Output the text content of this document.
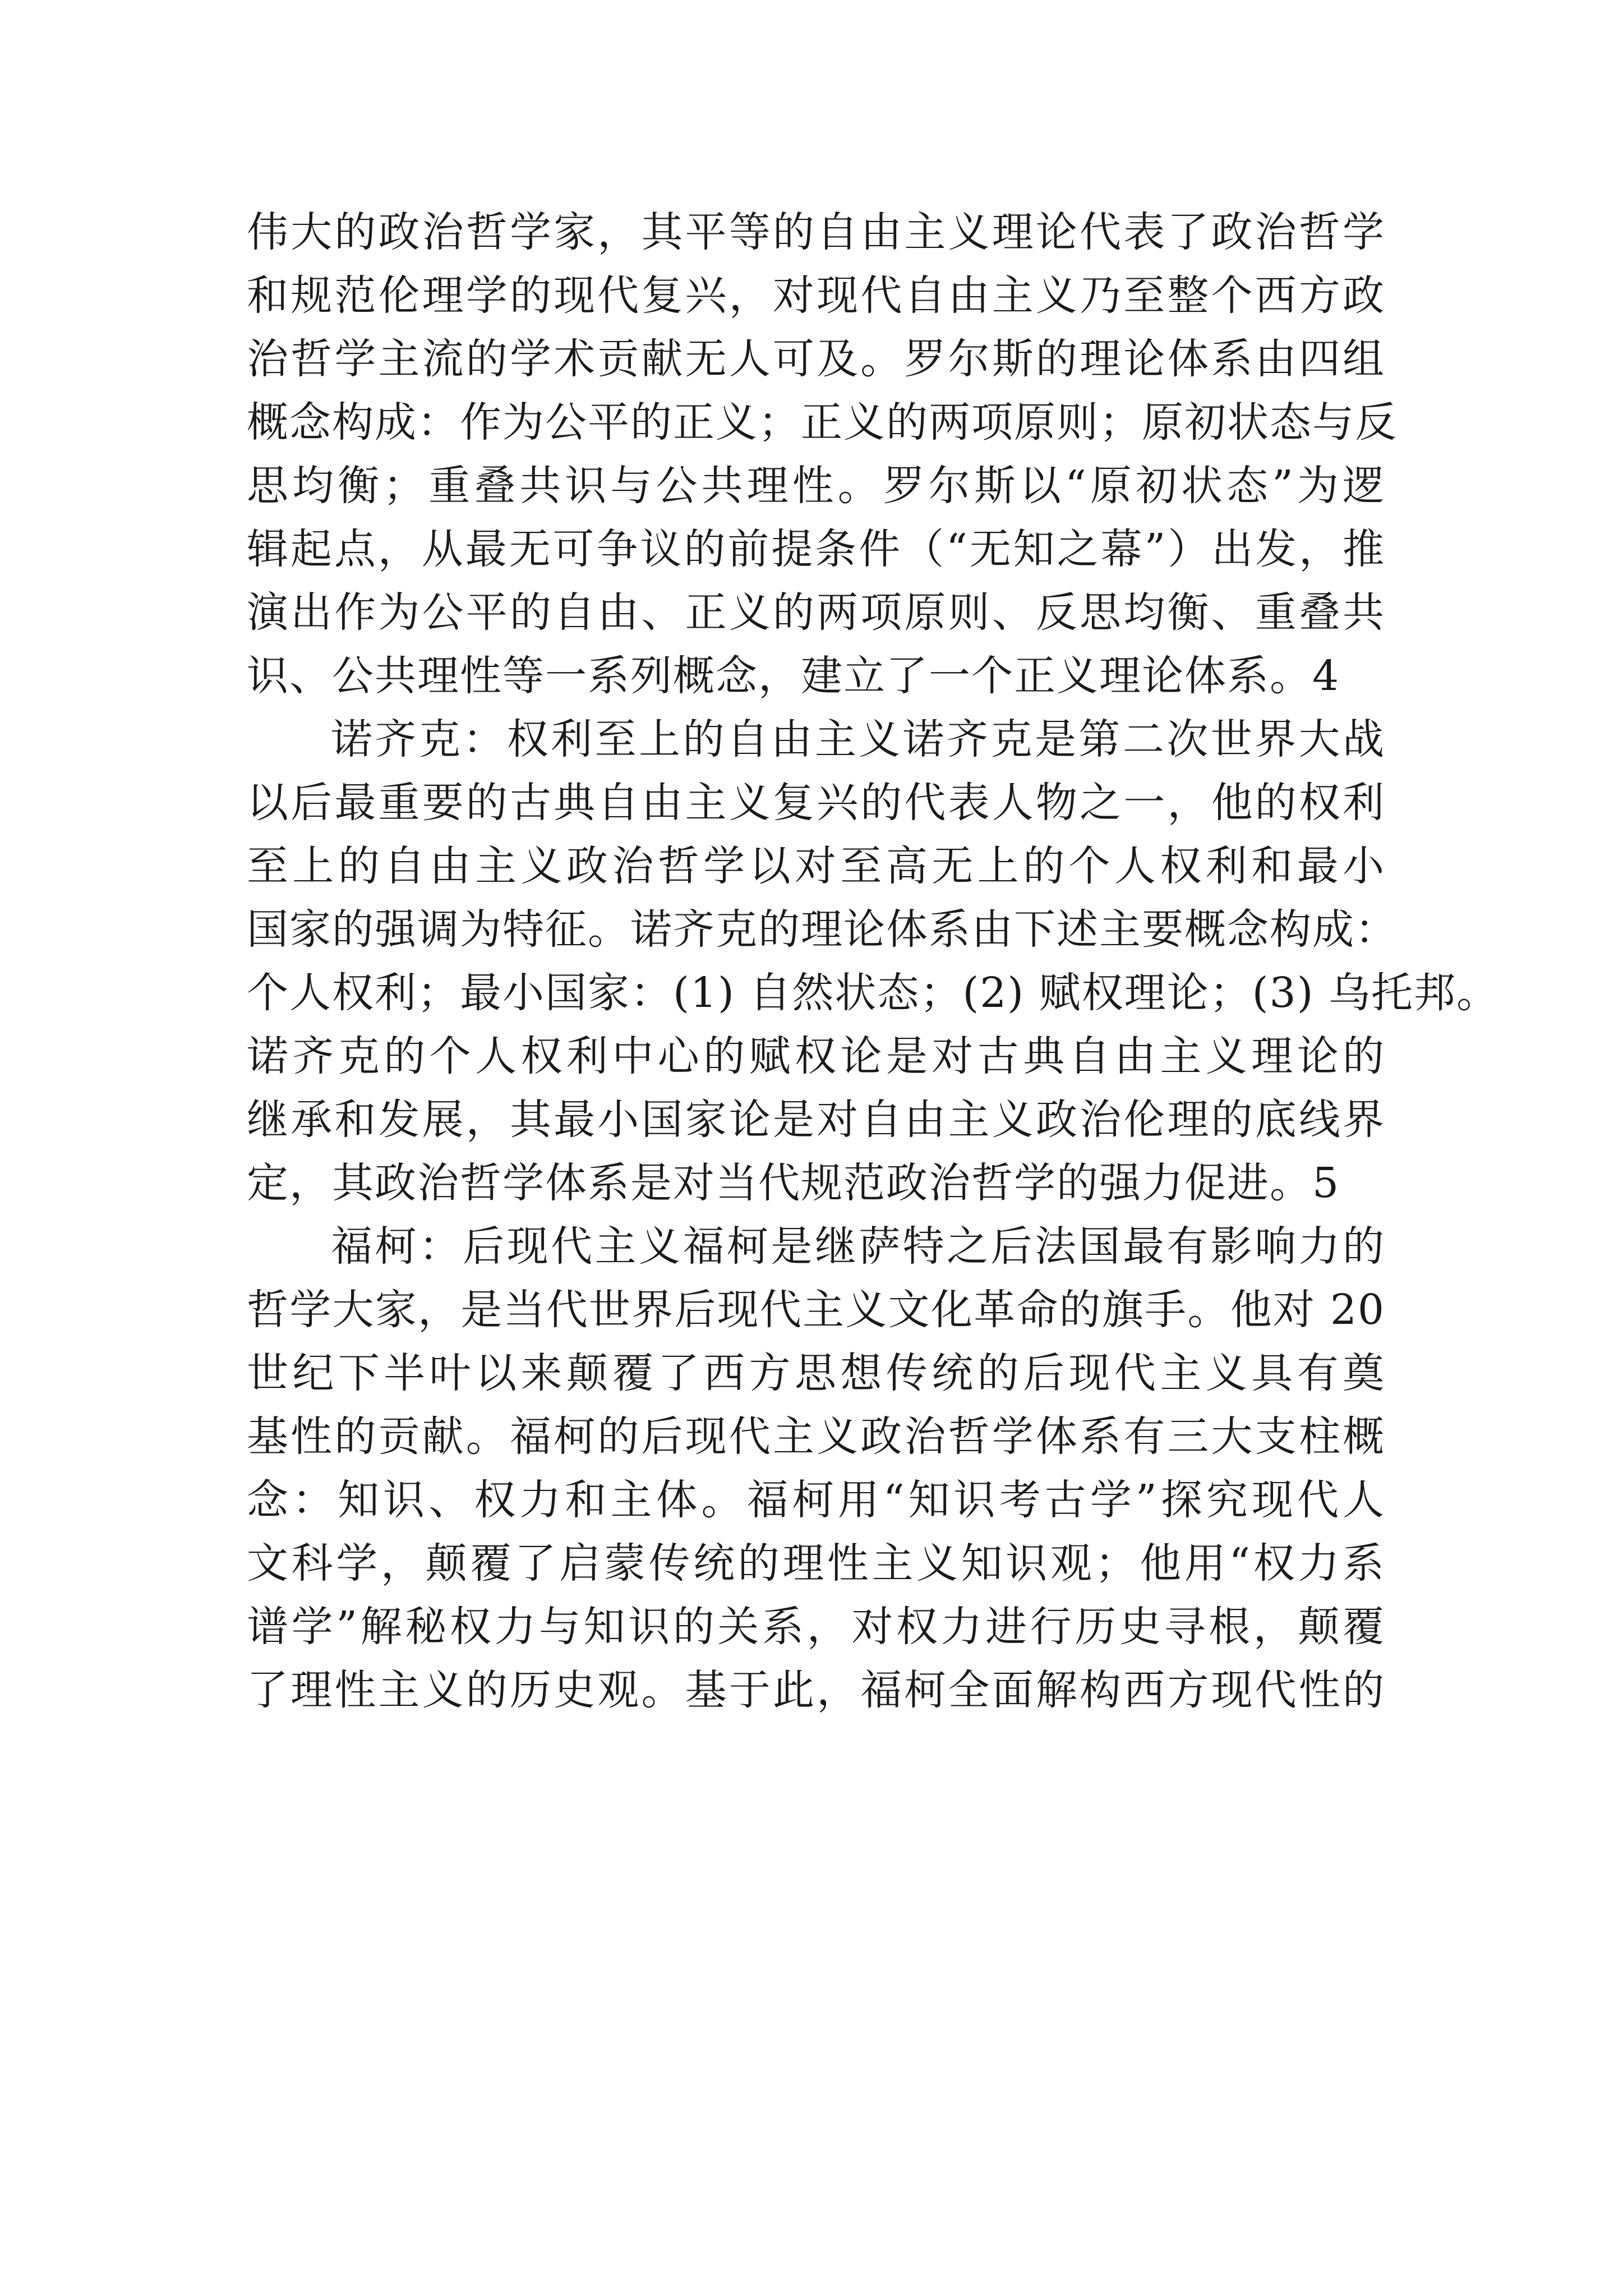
伟大的政治哲学家，其平等的自由主义理论代表了政治哲学
和规范伦理学的现代复兴，对现代自由主义乃至整个西方政
治哲学主流的学术贡献无人可及。罗尔斯的理论体系由四组
概念构成：作为公平的正义；正义的两项原则；原初状态与反
思均衡；重叠共识与公共理性。罗尔斯以“原初状态”为逻
辑起点，从最无可争议的前提条件（“无知之幕”）出发，推
演出作为公平的自由、正义的两项原则、反思均衡、重叠共
识、公共理性等一系列概念，建立了一个正义理论体系。4
诺齐克：权利至上的自由主义诺齐克是第二次世界大战
以后最重要的古典自由主义复兴的代表人物之一，他的权利
至上的自由主义政治哲学以对至高无上的个人权利和最小
国家的强调为特征。诺齐克的理论体系由下述主要概念构成：
个人权利；最小国家：(1) 自然状态；(2) 赋权理论；(3) 乌托邦。
诺齐克的个人权利中心的赋权论是对古典自由主义理论的
继承和发展，其最小国家论是对自由主义政治伦理的底线界
定，其政治哲学体系是对当代规范政治哲学的强力促进。5
福柯：后现代主义福柯是继萨特之后法国最有影响力的
哲学大家，是当代世界后现代主义文化革命的旗手。他对 20
世纪下半叶以来颠覆了西方思想传统的后现代主义具有奠
基性的贡献。福柯的后现代主义政治哲学体系有三大支柱概
念：知识、权力和主体。福柯用“知识考古学”探究现代人
文科学，颠覆了启蒙传统的理性主义知识观；他用“权力系
谱学”解秘权力与知识的关系，对权力进行历史寻根，颠覆
了理性主义的历史观。基于此，福柯全面解构西方现代性的
